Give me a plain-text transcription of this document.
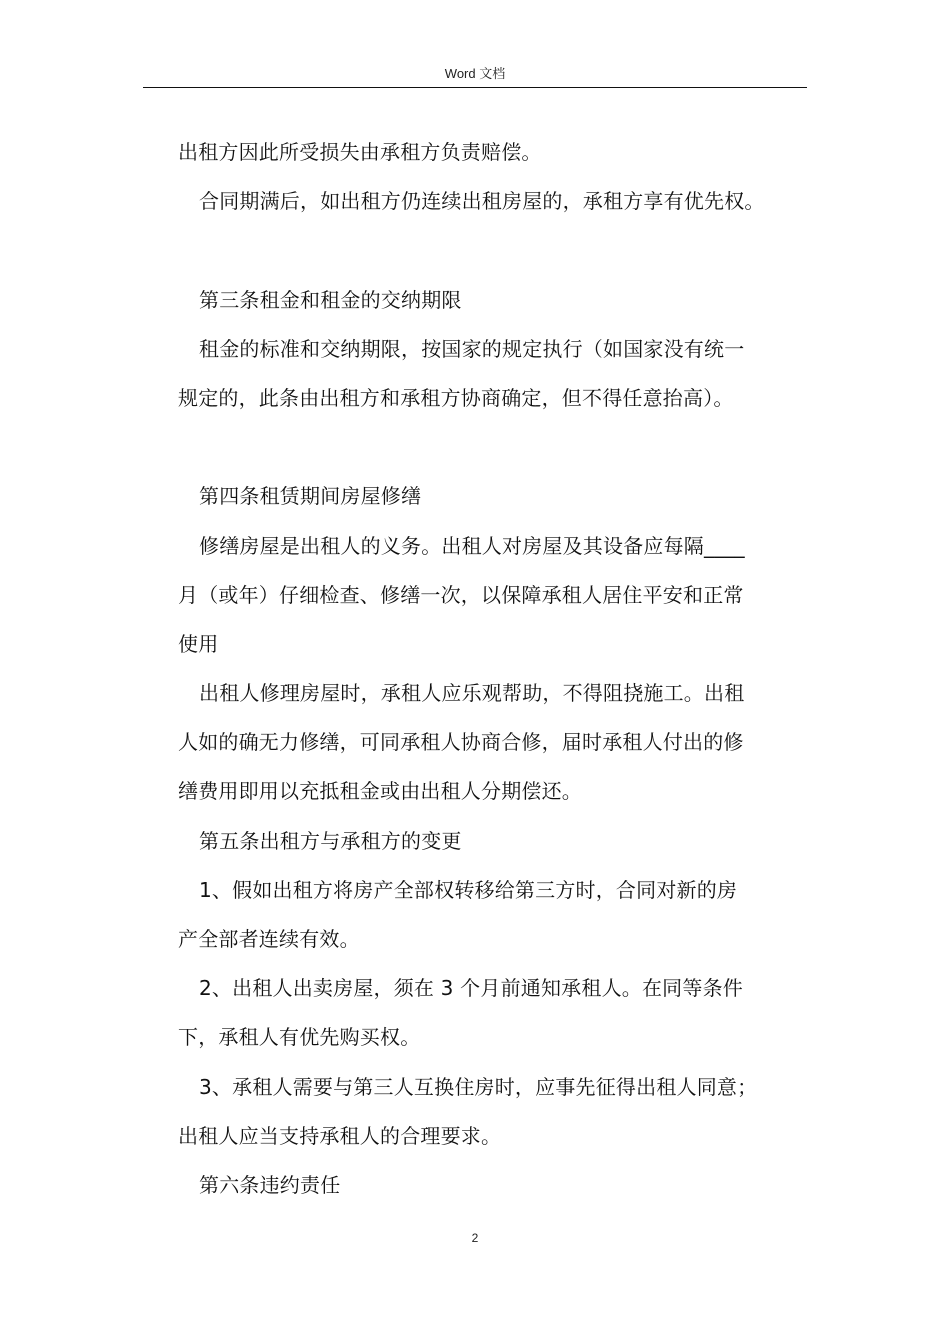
Word 文档
出租方因此所受损失由承租方负责赔偿。
合同期满后，如出租方仍连续出租房屋的，承租方享有优先权。
第三条租金和租金的交纳期限
租金的标准和交纳期限，按国家的规定执行（如国家没有统一
规定的，此条由出租方和承租方协商确定，但不得任意抬高）。
第四条租赁期间房屋修缮
修缮房屋是出租人的义务。出租人对房屋及其设备应每隔____
月（或年）仔细检查、修缮一次，以保障承租人居住平安和正常
使用
出租人修理房屋时，承租人应乐观帮助，不得阻挠施工。出租
人如的确无力修缮，可同承租人协商合修，届时承租人付出的修
缮费用即用以充抵租金或由出租人分期偿还。
第五条出租方与承租方的变更
1、假如出租方将房产全部权转移给第三方时，合同对新的房
产全部者连续有效。
2、出租人出卖房屋，须在 3 个月前通知承租人。在同等条件
下，承租人有优先购买权。
3、承租人需要与第三人互换住房时，应事先征得出租人同意；
出租人应当支持承租人的合理要求。
第六条违约责任
2
